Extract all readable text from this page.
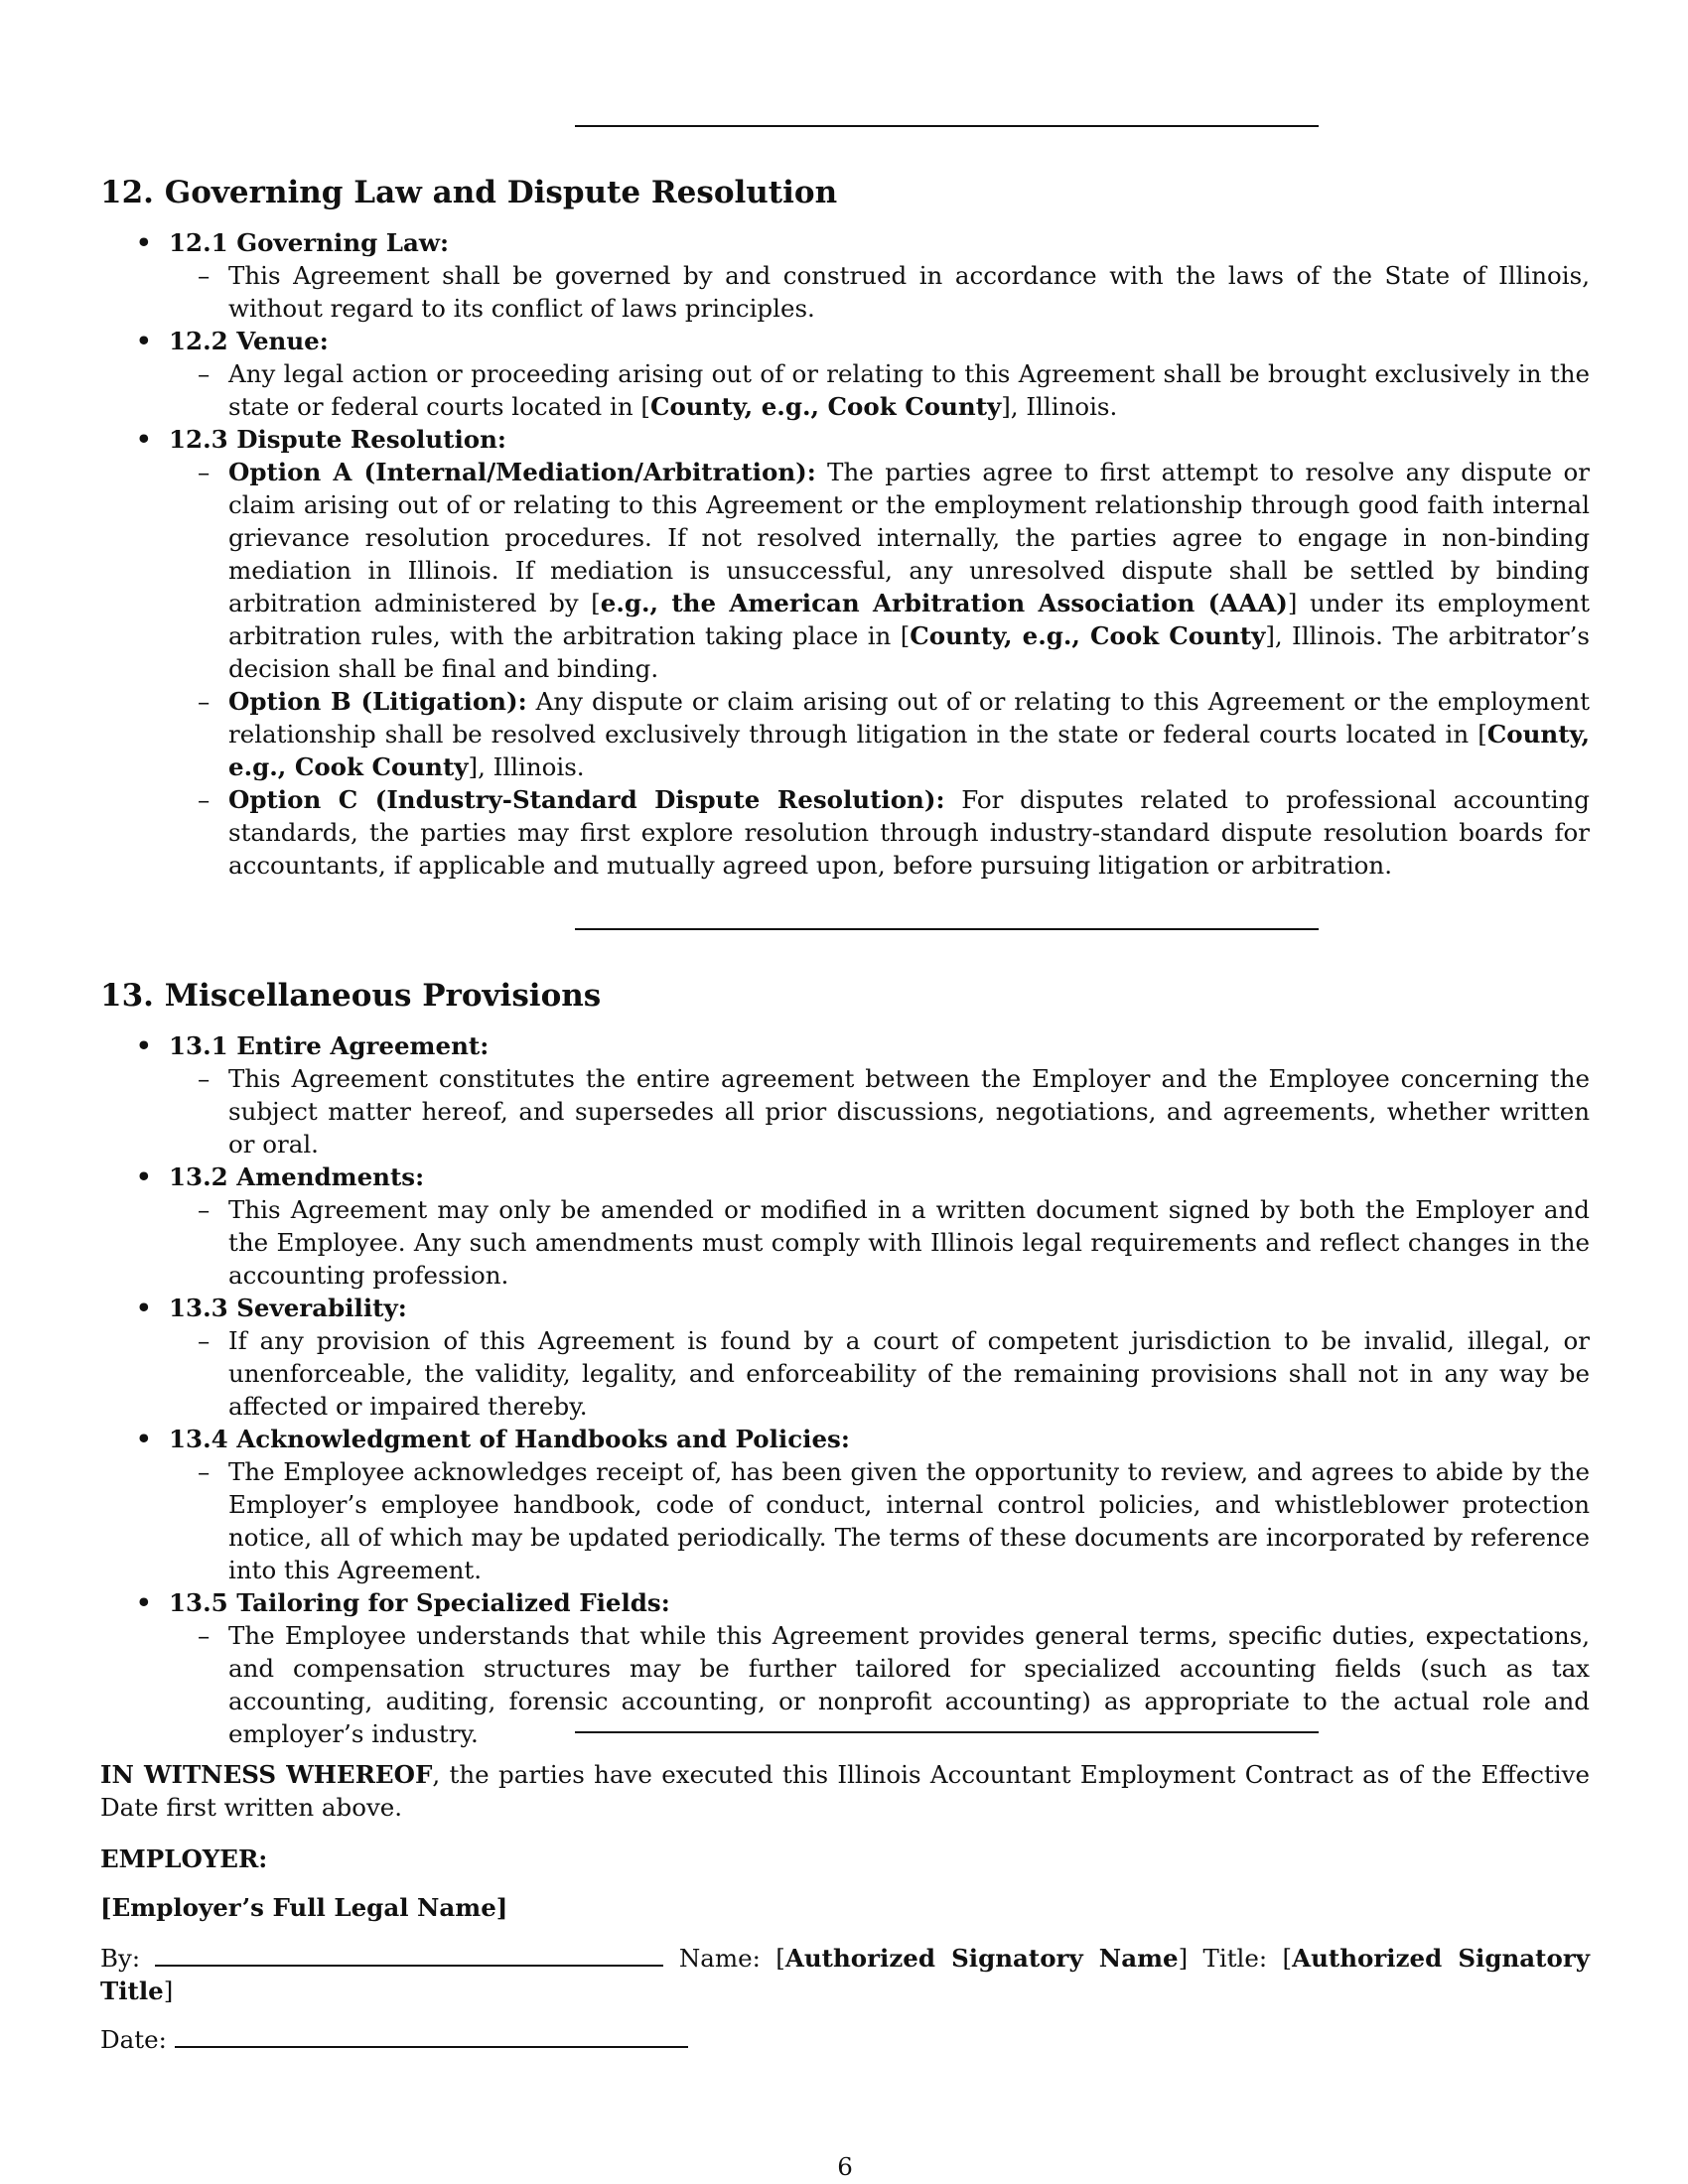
12. Governing Law and Dispute Resolution
• 12.1 Governing Law:
– This Agreement shall be governed by and construed in accordance with the laws of the State of Illinois, without regard to its conflict of laws principles.
• 12.2 Venue:
– Any legal action or proceeding arising out of or relating to this Agreement shall be brought exclusively in the state or federal courts located in [County, e.g., Cook County], Illinois.
• 12.3 Dispute Resolution:
– Option A (Internal/Mediation/Arbitration): The parties agree to first attempt to resolve any dispute or claim arising out of or relating to this Agreement or the employment relationship through good faith internal grievance resolution procedures. If not resolved internally, the parties agree to engage in non-binding mediation in Illinois. If mediation is unsuccessful, any unresolved dispute shall be settled by binding arbitration administered by [e.g., the American Arbitration Association (AAA)] under its employment arbitration rules, with the arbitration taking place in [County, e.g., Cook County], Illinois. The arbitrator’s decision shall be final and binding.
– Option B (Litigation): Any dispute or claim arising out of or relating to this Agreement or the employment relationship shall be resolved exclusively through litigation in the state or federal courts located in [County, e.g., Cook County], Illinois.
– Option C (Industry-Standard Dispute Resolution): For disputes related to professional accounting standards, the parties may first explore resolution through industry-standard dispute resolution boards for accountants, if applicable and mutually agreed upon, before pursuing litigation or arbitration.
13. Miscellaneous Provisions
• 13.1 Entire Agreement:
– This Agreement constitutes the entire agreement between the Employer and the Employee concerning the subject matter hereof, and supersedes all prior discussions, negotiations, and agreements, whether written or oral.
• 13.2 Amendments:
– This Agreement may only be amended or modified in a written document signed by both the Employer and the Employee. Any such amendments must comply with Illinois legal requirements and reflect changes in the accounting profession.
• 13.3 Severability:
– If any provision of this Agreement is found by a court of competent jurisdiction to be invalid, illegal, or unenforceable, the validity, legality, and enforceability of the remaining provisions shall not in any way be affected or impaired thereby.
• 13.4 Acknowledgment of Handbooks and Policies:
– The Employee acknowledges receipt of, has been given the opportunity to review, and agrees to abide by the Employer’s employee handbook, code of conduct, internal control policies, and whistleblower protection notice, all of which may be updated periodically. The terms of these documents are incorporated by reference into this Agreement.
• 13.5 Tailoring for Specialized Fields:
– The Employee understands that while this Agreement provides general terms, specific duties, expectations, and compensation structures may be further tailored for specialized accounting fields (such as tax accounting, auditing, forensic accounting, or nonprofit accounting) as appropriate to the actual role and employer’s industry.

IN WITNESS WHEREOF, the parties have executed this Illinois Accountant Employment Contract as of the Effective Date first written above.

EMPLOYER:

[Employer’s Full Legal Name]

By:	Name: [Authorized Signatory Name] Title: [Authorized Signatory Title]

Date:

6
